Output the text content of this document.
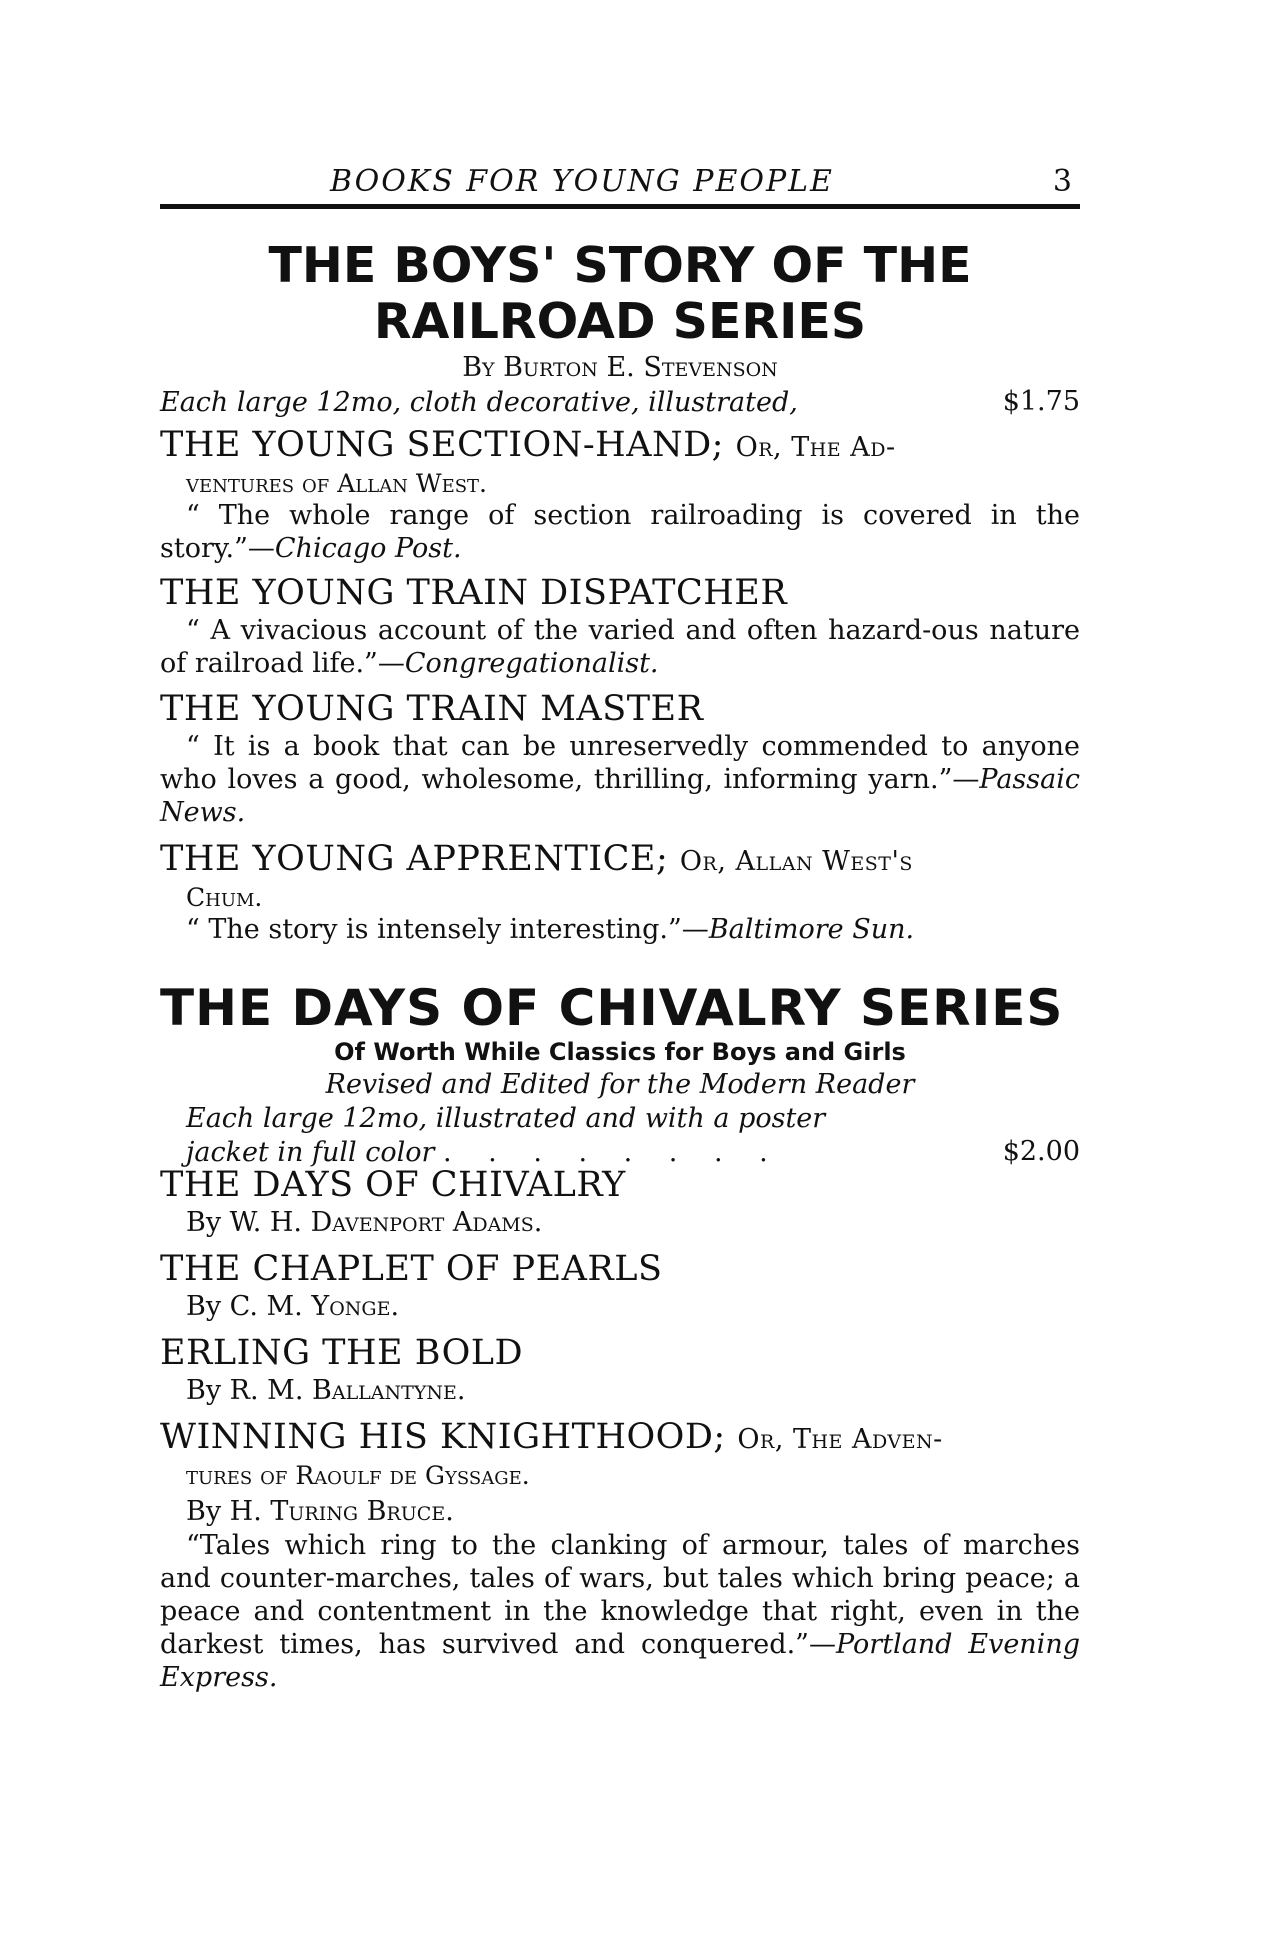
BOOKS FOR YOUNG PEOPLE	3
THE BOYS' STORY OF THE
RAILROAD SERIES
By Burton E. Stevenson
Each large 12mo, cloth decorative, illustrated,	$1.75
THE YOUNG SECTION-HAND; Or, The Ad-
ventures of Allan West.
“ The whole range of section railroading is covered in the story.”—Chicago Post.
THE YOUNG TRAIN DISPATCHER
“ A vivacious account of the varied and often hazard-ous nature of railroad life.”—Congregationalist.
THE YOUNG TRAIN MASTER
“ It is a book that can be unreservedly commended to anyone who loves a good, wholesome, thrilling, informing yarn.”—Passaic News.
THE YOUNG APPRENTICE; Or, Allan West's
Chum.
“ The story is intensely interesting.”—Baltimore Sun.
THE DAYS OF CHIVALRY SERIES
Of Worth While Classics for Boys and Girls
Revised and Edited for the Modern Reader
Each large 12mo, illustrated and with a poster
jacket in full color . . . . . . . .	$2.00
THE DAYS OF CHIVALRY
By W. H. Davenport Adams.
THE CHAPLET OF PEARLS
By C. M. Yonge.
ERLING THE BOLD
By R. M. Ballantyne.
WINNING HIS KNIGHTHOOD; Or, The Adven-
tures of Raoulf de Gyssage.
By H. Turing Bruce.
“Tales which ring to the clanking of armour, tales of marches and counter-marches, tales of wars, but tales which bring peace; a peace and contentment in the knowledge that right, even in the darkest times, has survived and conquered.”—Portland Evening Express.
